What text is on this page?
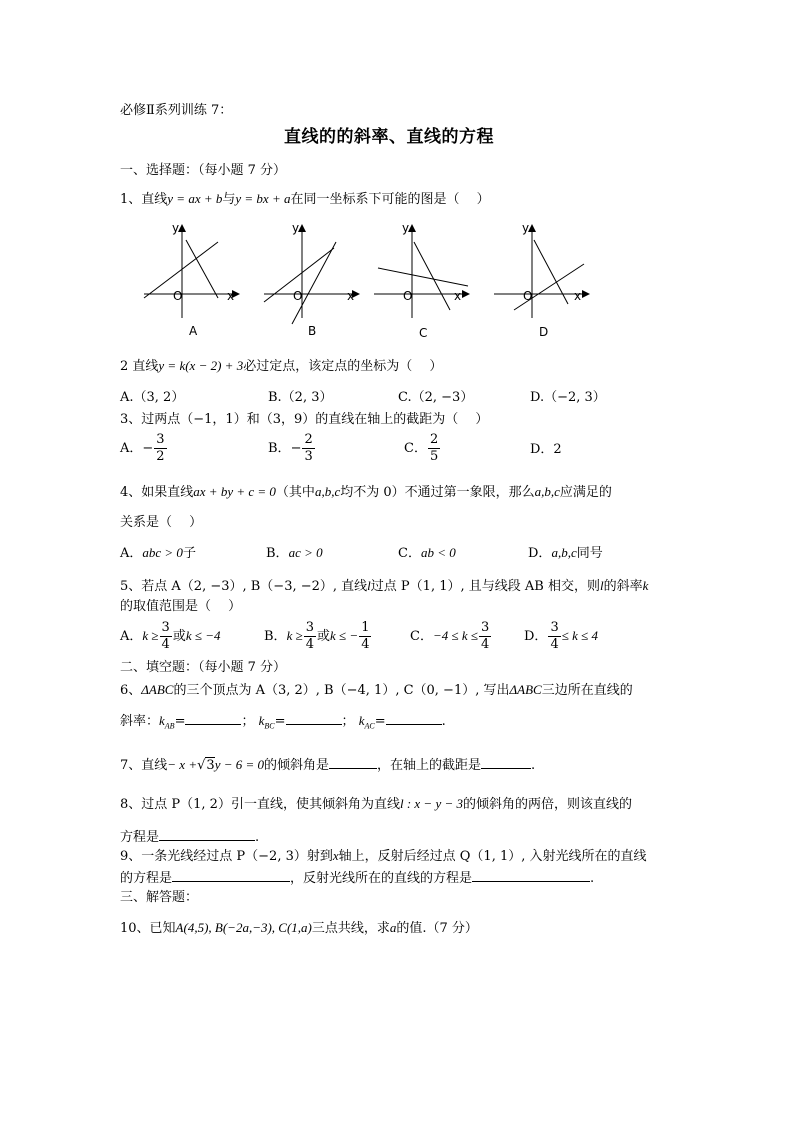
必修Ⅱ系列训练 7：
直线的的斜率、直线的方程
一、选择题：（每小题 7 分）
1、直线y = ax + b与y = bx + a在同一坐标系下可能的图是（　 ）
y
x
O
A
y
x
O
B
y
x
O
C
y
x
O
D
2 直线y = k(x − 2) + 3必过定点，该定点的坐标为（　 ）
A.（3, 2）	B.（2, 3）	C.（2, −3）	D.（−2, 3）
3、过两点（−1，1）和（3，9）的直线在轴上的截距为（　 ）
A．− $\frac{3}{2}$	B．− $\frac{2}{3}$	C． $\frac{2}{5}$	D．2
4、如果直线ax + by + c = 0（其中a,b,c均不为 0）不通过第一象限，那么a,b,c应满足的
关系是（　 ）
A．abc > 0子	B．ac > 0	C．ab < 0	D．a,b,c同号
5、若点 A（2, −3）, B（−3, −2）, 直线l过点 P（1, 1）, 且与线段 AB 相交，则l的斜率k
的取值范围是（　 ）
A．$k \ge \frac{3}{4}$ 或k ≤ −4	B．$k \ge \frac{3}{4}$ 或k ≤ − $\frac{1}{4}$	C．$-4 \le k \le \frac{3}{4}$	D． $\frac{3}{4} \le k \le 4$
二、填空题：（每小题 7 分）
6、ΔABC的三个顶点为 A（3, 2）, B（−4, 1）, C（0, −1）, 写出ΔABC三边所在直线的
斜率：$k_{AB}=$	； $k_{BC}=$	； $k_{AC}=$	.
7、直线− x +√3y − 6 = 0的倾斜角是	，在轴上的截距是	.
8、过点 P（1, 2）引一直线，使其倾斜角为直线l : x − y − 3的倾斜角的两倍，则该直线的
方程是	.
9、一条光线经过点 P（−2, 3）射到x轴上，反射后经过点 Q（1, 1）, 入射光线所在的直线
的方程是	，反射光线所在的直线的方程是	.
三、解答题：
10、已知A(4,5), B(−2a,−3), C(1,a)三点共线，求a的值.（7 分）
